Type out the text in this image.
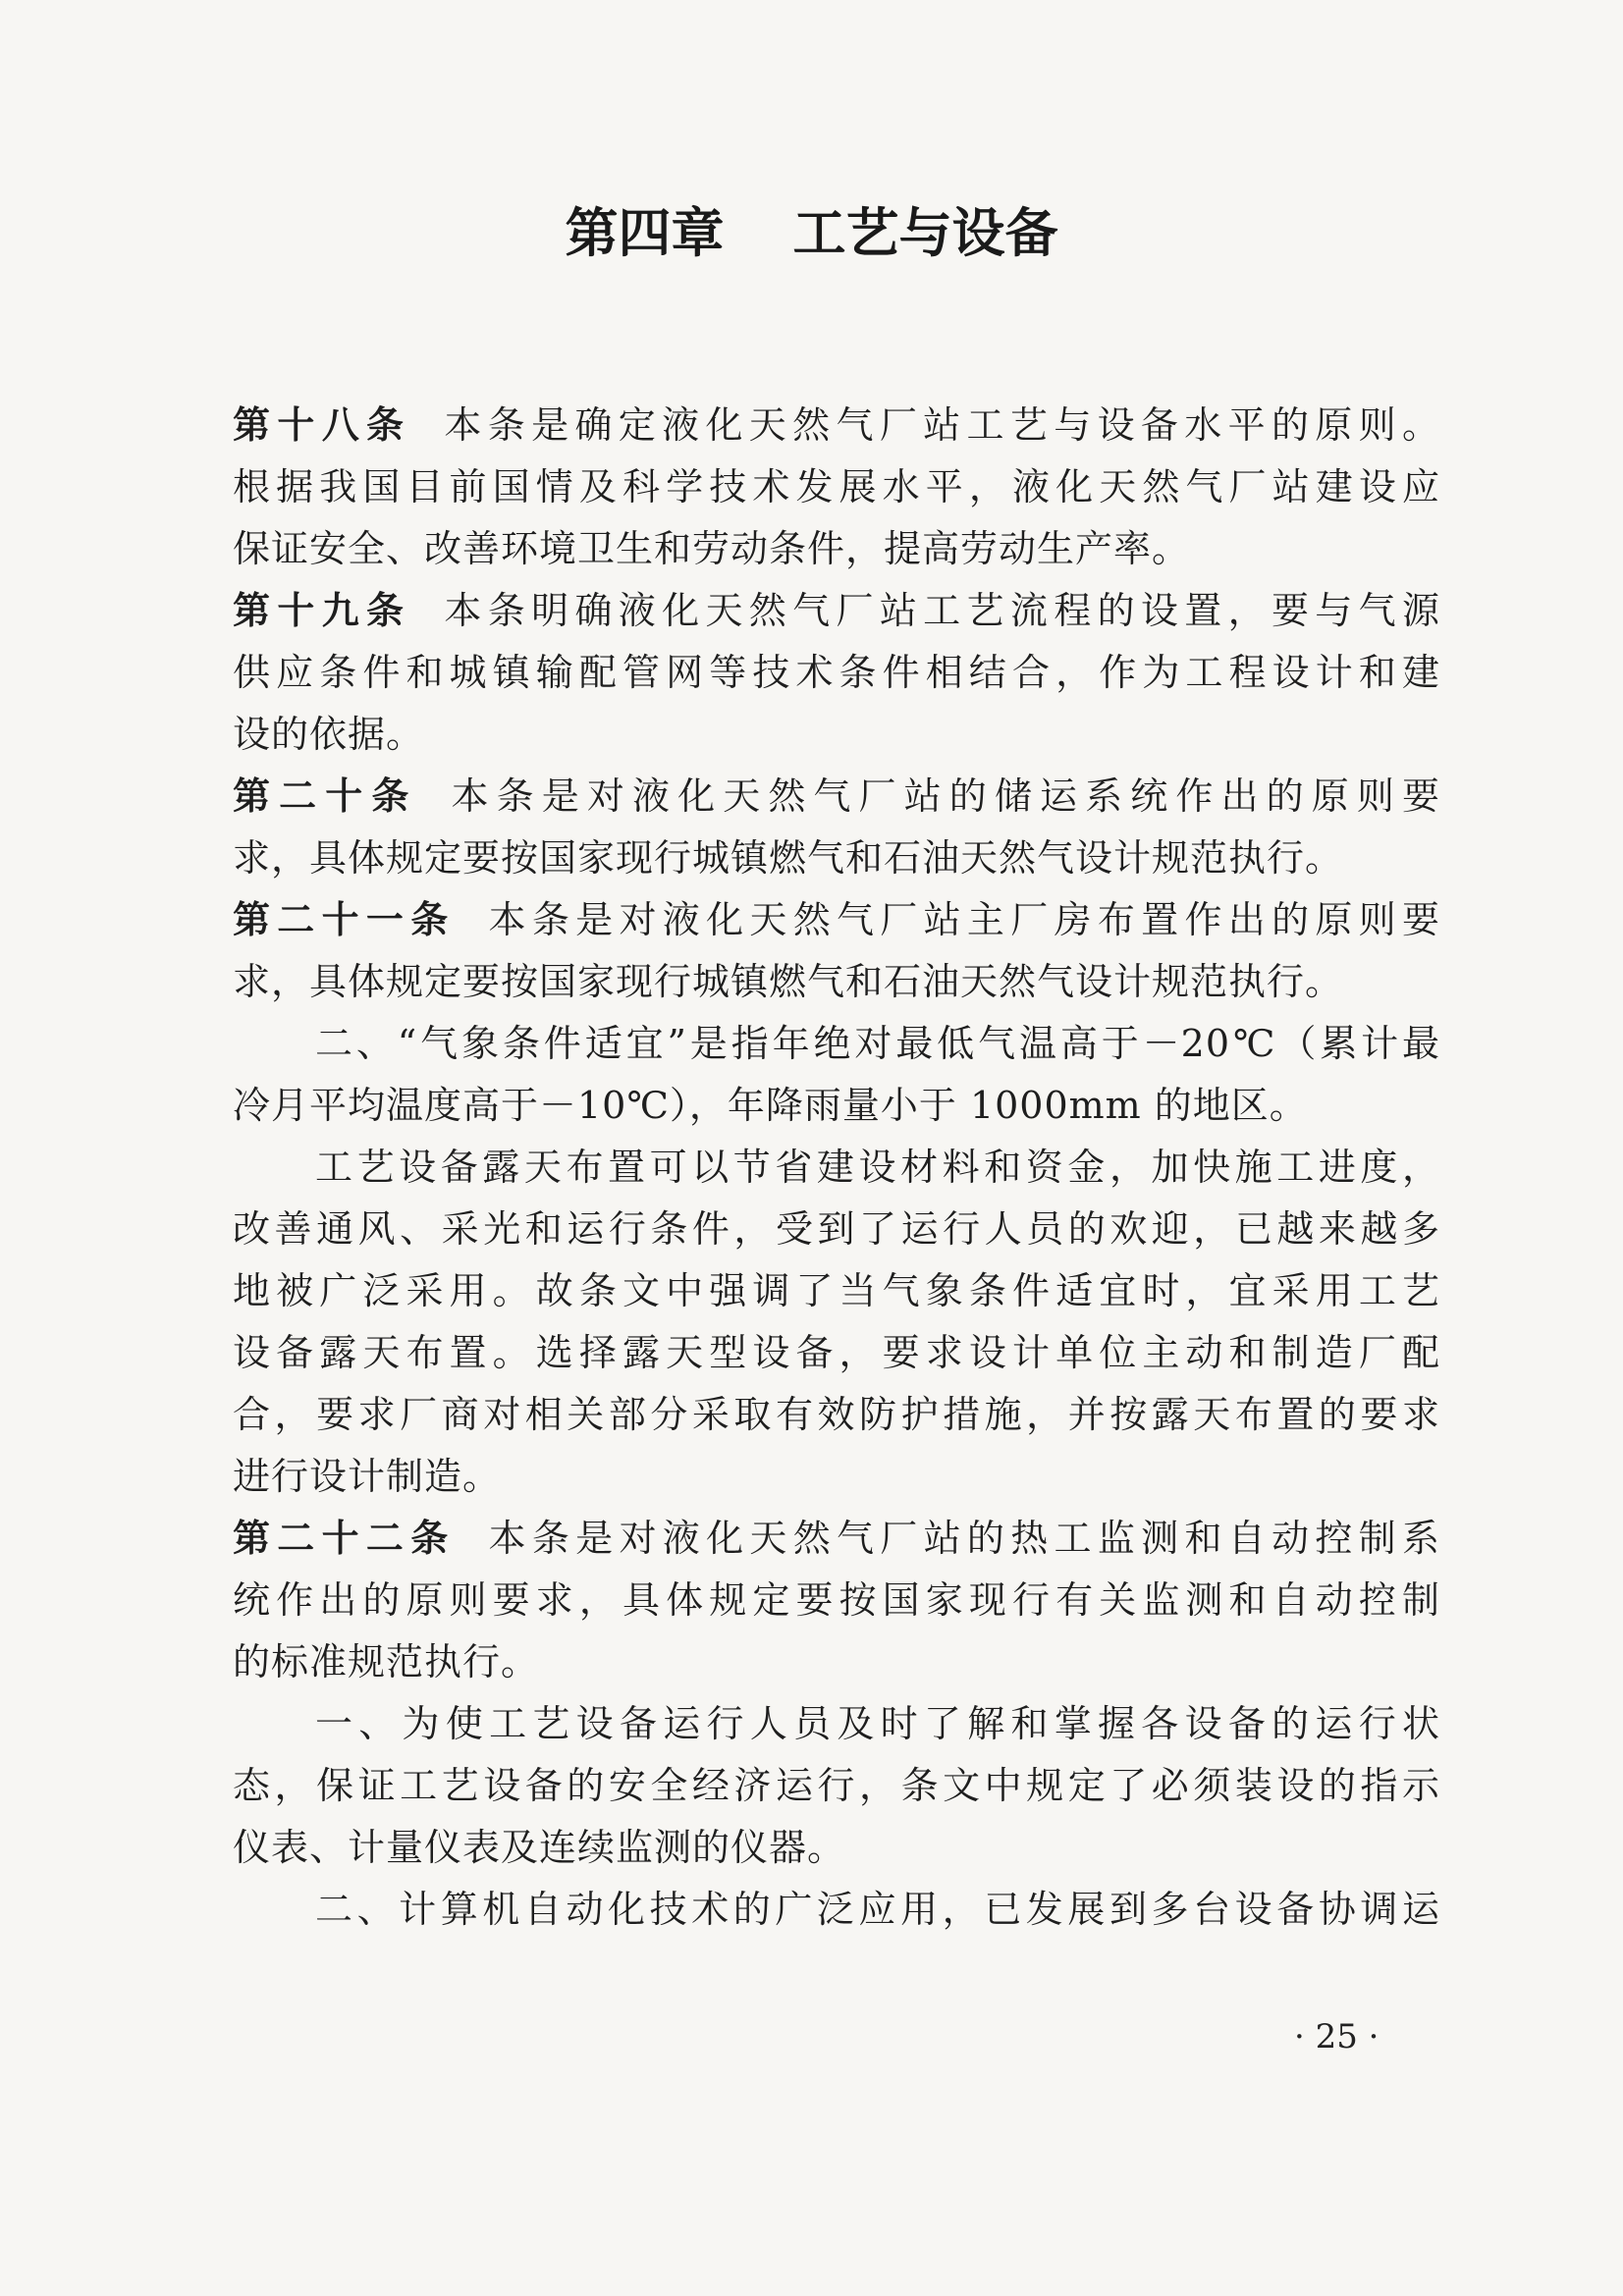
第四章 工艺与设备
第十八条 本条是确定液化天然气厂站工艺与设备水平的原则。
根据我国目前国情及科学技术发展水平，液化天然气厂站建设应
保证安全、改善环境卫生和劳动条件，提高劳动生产率。
第十九条 本条明确液化天然气厂站工艺流程的设置，要与气源
供应条件和城镇输配管网等技术条件相结合，作为工程设计和建
设的依据。
第二十条 本条是对液化天然气厂站的储运系统作出的原则要
求，具体规定要按国家现行城镇燃气和石油天然气设计规范执行。
第二十一条 本条是对液化天然气厂站主厂房布置作出的原则要
求，具体规定要按国家现行城镇燃气和石油天然气设计规范执行。
二、“气象条件适宜”是指年绝对最低气温高于－20℃（累计最
冷月平均温度高于－10℃），年降雨量小于 1000mm 的地区。
工艺设备露天布置可以节省建设材料和资金，加快施工进度，
改善通风、采光和运行条件，受到了运行人员的欢迎，已越来越多
地被广泛采用。故条文中强调了当气象条件适宜时，宜采用工艺
设备露天布置。选择露天型设备，要求设计单位主动和制造厂配
合，要求厂商对相关部分采取有效防护措施，并按露天布置的要求
进行设计制造。
第二十二条 本条是对液化天然气厂站的热工监测和自动控制系
统作出的原则要求，具体规定要按国家现行有关监测和自动控制
的标准规范执行。
一、为使工艺设备运行人员及时了解和掌握各设备的运行状
态，保证工艺设备的安全经济运行，条文中规定了必须装设的指示
仪表、计量仪表及连续监测的仪器。
二、计算机自动化技术的广泛应用，已发展到多台设备协调运
· 25 ·
